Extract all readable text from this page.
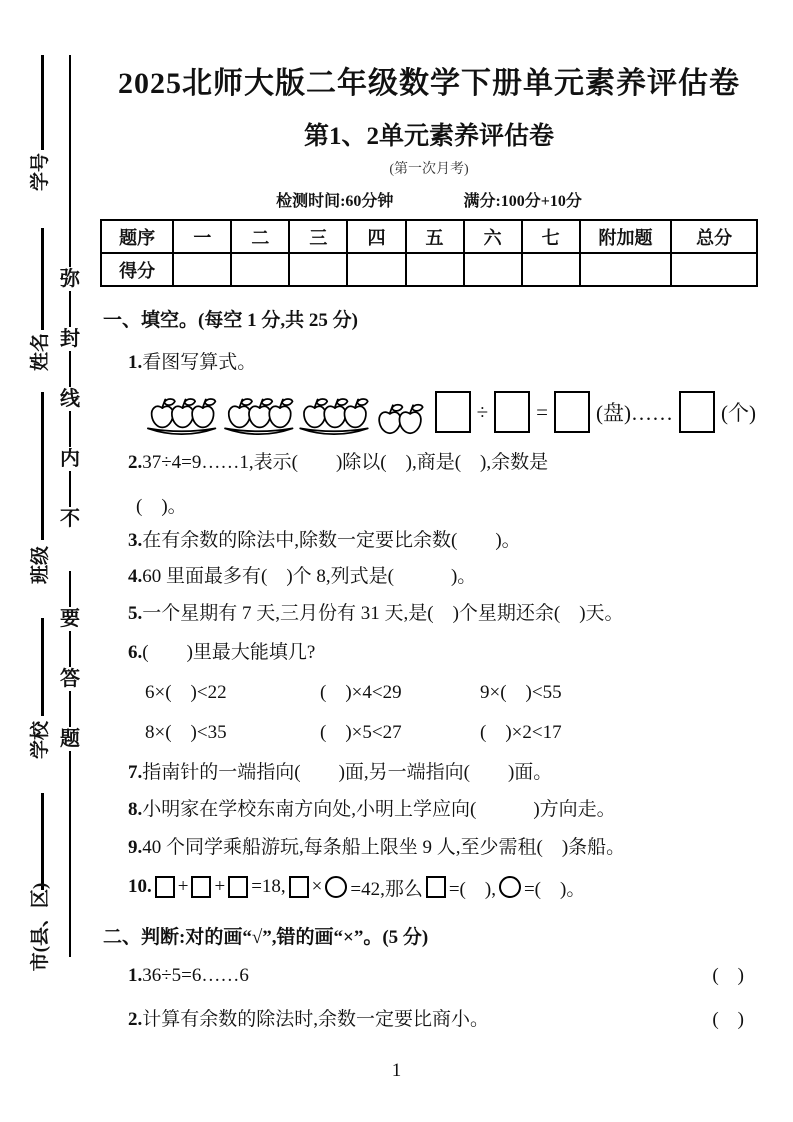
学号
姓名
班级
学校
市(县、区)
弥
封
线
内
不
要
答
题
2025北师大版二年级数学下册单元素养评估卷
第1、2单元素养评估卷
(第一次月考)
检测时间:60分钟	满分:100分+10分
题序	一	二	三	四	五	六	七	附加题	总分
得分									
一、填空。(每空 1 分,共 25 分)
1.看图写算式。
÷ = (盘)…… (个)
2.37÷4=9……1,表示(　　)除以(　),商是(　),余数是
(　)。
3.在有余数的除法中,除数一定要比余数(　　)。
4.60 里面最多有(　)个 8,列式是(　　　)。
5.一个星期有 7 天,三月份有 31 天,是(　)个星期还余(　)天。
6.(　　)里最大能填几?
6×(　)<22	(　)×4<29	9×(　)<55
8×(　)<35	(　)×5<27	(　)×2<17
7.指南针的一端指向(　　)面,另一端指向(　　)面。
8.小明家在学校东南方向处,小明上学应向(　　　)方向走。
9.40 个同学乘船游玩,每条船上限坐 9 人,至少需租(　)条船。
10. + + =18, × =42,那么 =(　), =(　)。
二、判断:对的画“√”,错的画“×”。(5 分)
1.36÷5=6……6	(　)
2.计算有余数的除法时,余数一定要比商小。	(　)
1
